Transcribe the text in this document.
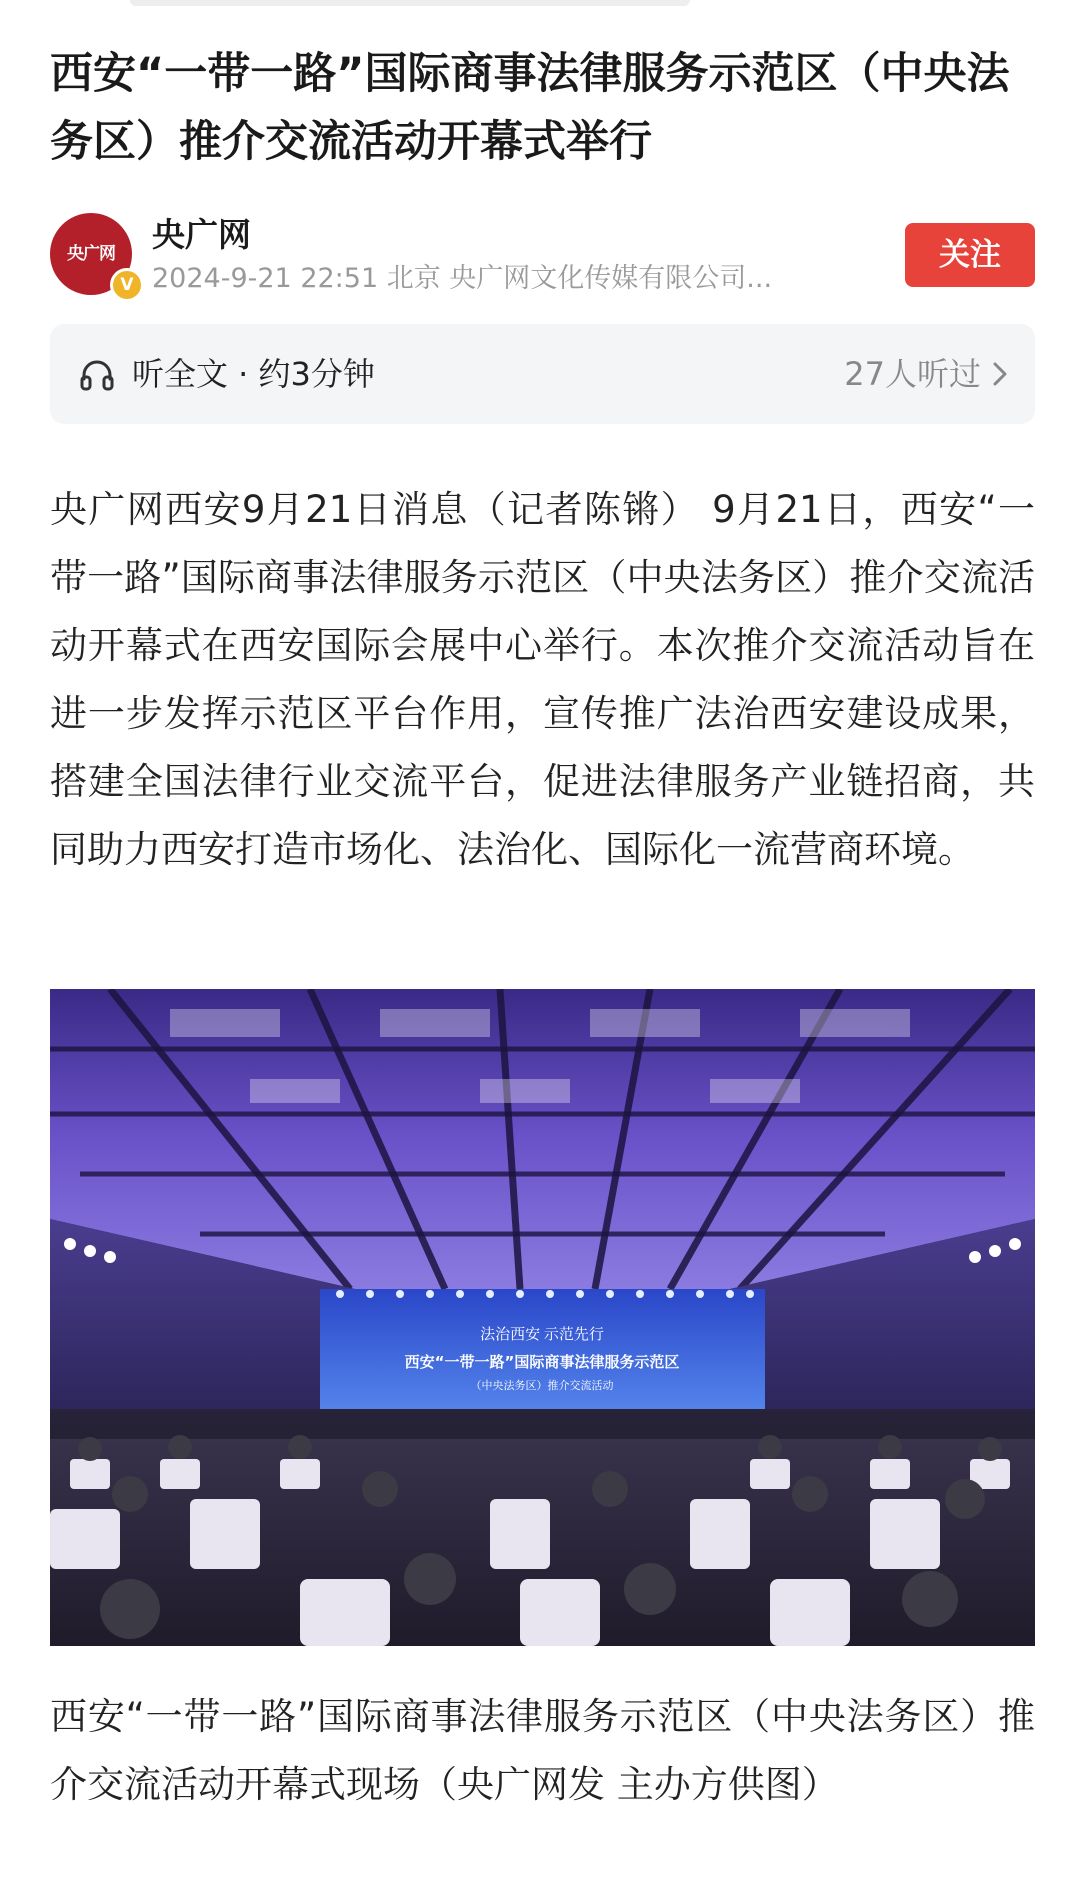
西安“一带一路”国际商事法律服务示范区（中央法务区）推介交流活动开幕式举行
央广网
V
央广网
2024-9-21 22:51 北京 央广网文化传媒有限公司...
关注
听全文 · 约3分钟	27人听过

央广网西安9月21日消息（记者陈锵） 9月21日，西安“一带一路”国际商事法律服务示范区（中央法务区）推介交流活动开幕式在西安国际会展中心举行。本次推介交流活动旨在进一步发挥示范区平台作用，宣传推广法治西安建设成果，搭建全国法律行业交流平台，促进法律服务产业链招商，共同助力西安打造市场化、法治化、国际化一流营商环境。

法治西安 示范先行
西安“一带一路”国际商事法律服务示范区
（中央法务区）推介交流活动

西安“一带一路”国际商事法律服务示范区（中央法务区）推介交流活动开幕式现场（央广网发 主办方供图）
